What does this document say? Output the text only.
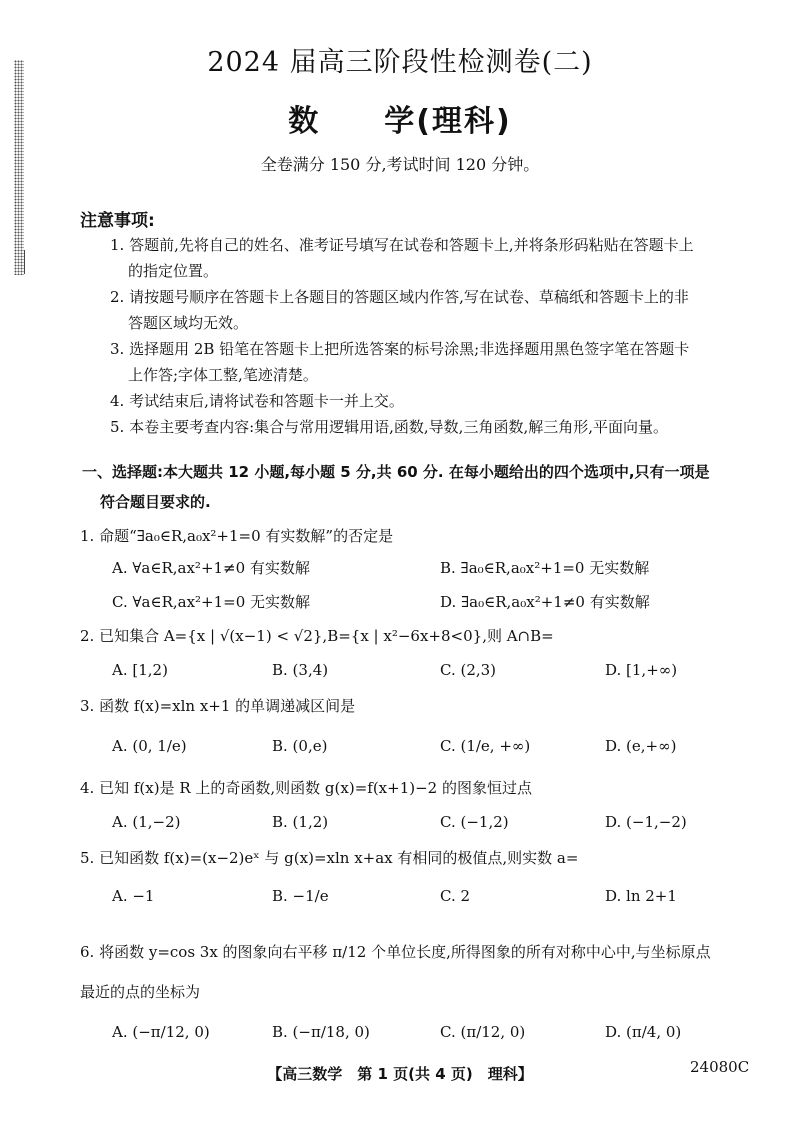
2024 届高三阶段性检测卷(二)
数　　学(理科)
全卷满分 150 分,考试时间 120 分钟。
注意事项:
1. 答题前,先将自己的姓名、准考证号填写在试卷和答题卡上,并将条形码粘贴在答题卡上
的指定位置。
2. 请按题号顺序在答题卡上各题目的答题区域内作答,写在试卷、草稿纸和答题卡上的非
答题区域均无效。
3. 选择题用 2B 铅笔在答题卡上把所选答案的标号涂黑;非选择题用黑色签字笔在答题卡
上作答;字体工整,笔迹清楚。
4. 考试结束后,请将试卷和答题卡一并上交。
5. 本卷主要考查内容:集合与常用逻辑用语,函数,导数,三角函数,解三角形,平面向量。
一、选择题:本大题共 12 小题,每小题 5 分,共 60 分. 在每小题给出的四个选项中,只有一项是
符合题目要求的.
1. 命题“∃a₀∈R,a₀x²+1=0 有实数解”的否定是
A. ∀a∈R,ax²+1≠0 有实数解	B. ∃a₀∈R,a₀x²+1=0 无实数解
C. ∀a∈R,ax²+1=0 无实数解	D. ∃a₀∈R,a₀x²+1≠0 有实数解
2. 已知集合 A={x | √(x−1) < √2},B={x | x²−6x+8<0},则 A∩B=
A. [1,2)	B. (3,4)	C. (2,3)	D. [1,+∞)
3. 函数 f(x)=xln x+1 的单调递减区间是
A. (0, 1/e)	B. (0,e)	C. (1/e, +∞)	D. (e,+∞)
4. 已知 f(x)是 R 上的奇函数,则函数 g(x)=f(x+1)−2 的图象恒过点
A. (1,−2)	B. (1,2)	C. (−1,2)	D. (−1,−2)
5. 已知函数 f(x)=(x−2)eˣ 与 g(x)=xln x+ax 有相同的极值点,则实数 a=
A. −1	B. −1/e	C. 2	D. ln 2+1
6. 将函数 y=cos 3x 的图象向右平移 π/12 个单位长度,所得图象的所有对称中心中,与坐标原点
最近的点的坐标为
A. (−π/12, 0)	B. (−π/18, 0)	C. (π/12, 0)	D. (π/4, 0)
【高三数学　第 1 页(共 4 页)　理科】	24080C
